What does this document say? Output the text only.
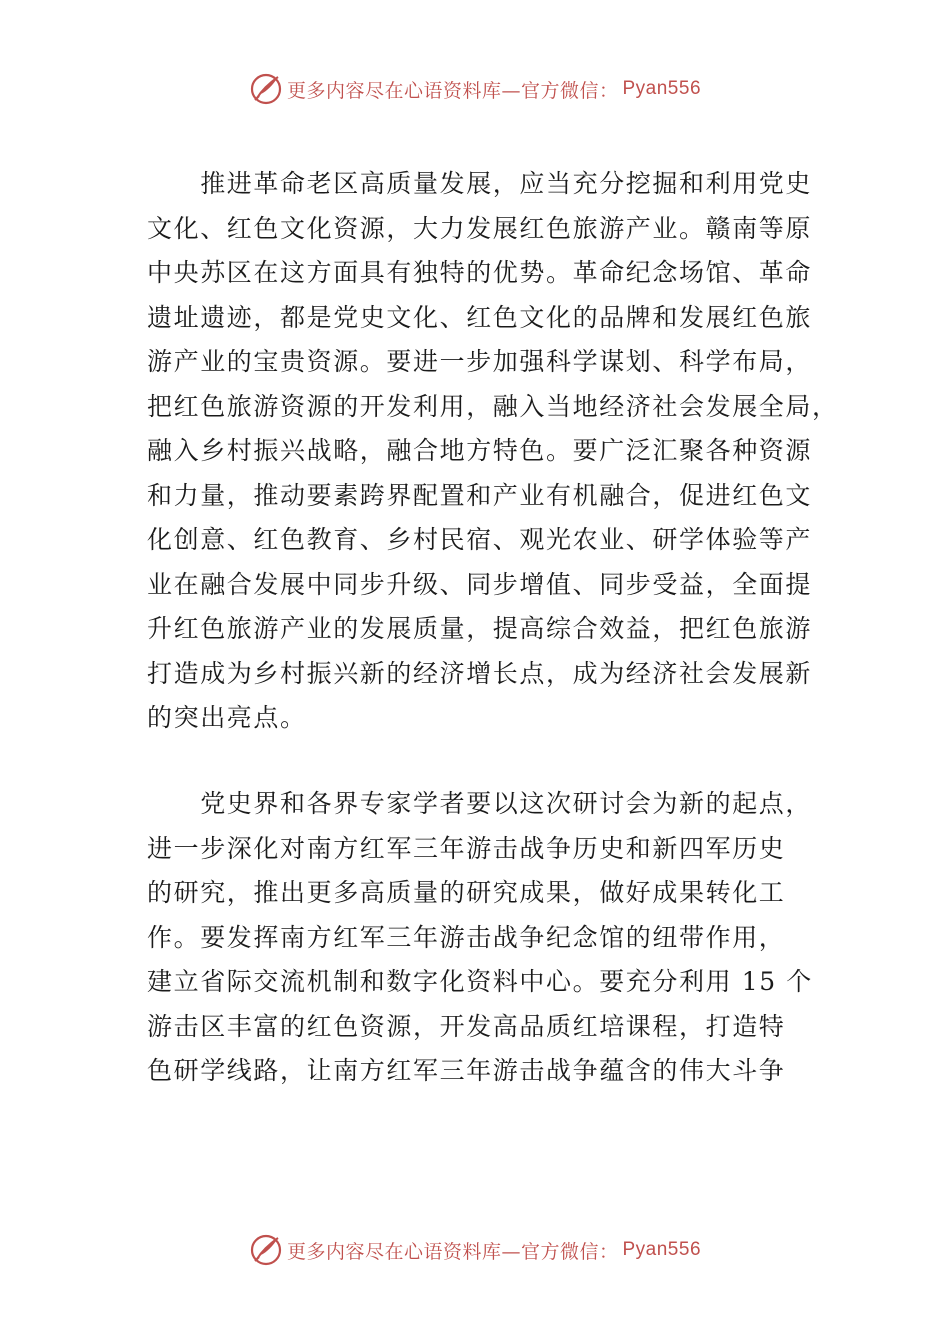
更多内容尽在心语资料库—官方微信： Pyan556
　　推进革命老区高质量发展，应当充分挖掘和利用党史
文化、红色文化资源，大力发展红色旅游产业。赣南等原
中央苏区在这方面具有独特的优势。革命纪念场馆、革命
遗址遗迹，都是党史文化、红色文化的品牌和发展红色旅
游产业的宝贵资源。要进一步加强科学谋划、科学布局，
把红色旅游资源的开发利用，融入当地经济社会发展全局，
融入乡村振兴战略，融合地方特色。要广泛汇聚各种资源
和力量，推动要素跨界配置和产业有机融合，促进红色文
化创意、红色教育、乡村民宿、观光农业、研学体验等产
业在融合发展中同步升级、同步增值、同步受益，全面提
升红色旅游产业的发展质量，提高综合效益，把红色旅游
打造成为乡村振兴新的经济增长点，成为经济社会发展新
的突出亮点。
　　党史界和各界专家学者要以这次研讨会为新的起点，
进一步深化对南方红军三年游击战争历史和新四军历史
的研究，推出更多高质量的研究成果，做好成果转化工
作。要发挥南方红军三年游击战争纪念馆的纽带作用，
建立省际交流机制和数字化资料中心。要充分利用 15 个
游击区丰富的红色资源，开发高品质红培课程，打造特
色研学线路，让南方红军三年游击战争蕴含的伟大斗争
更多内容尽在心语资料库—官方微信： Pyan556
